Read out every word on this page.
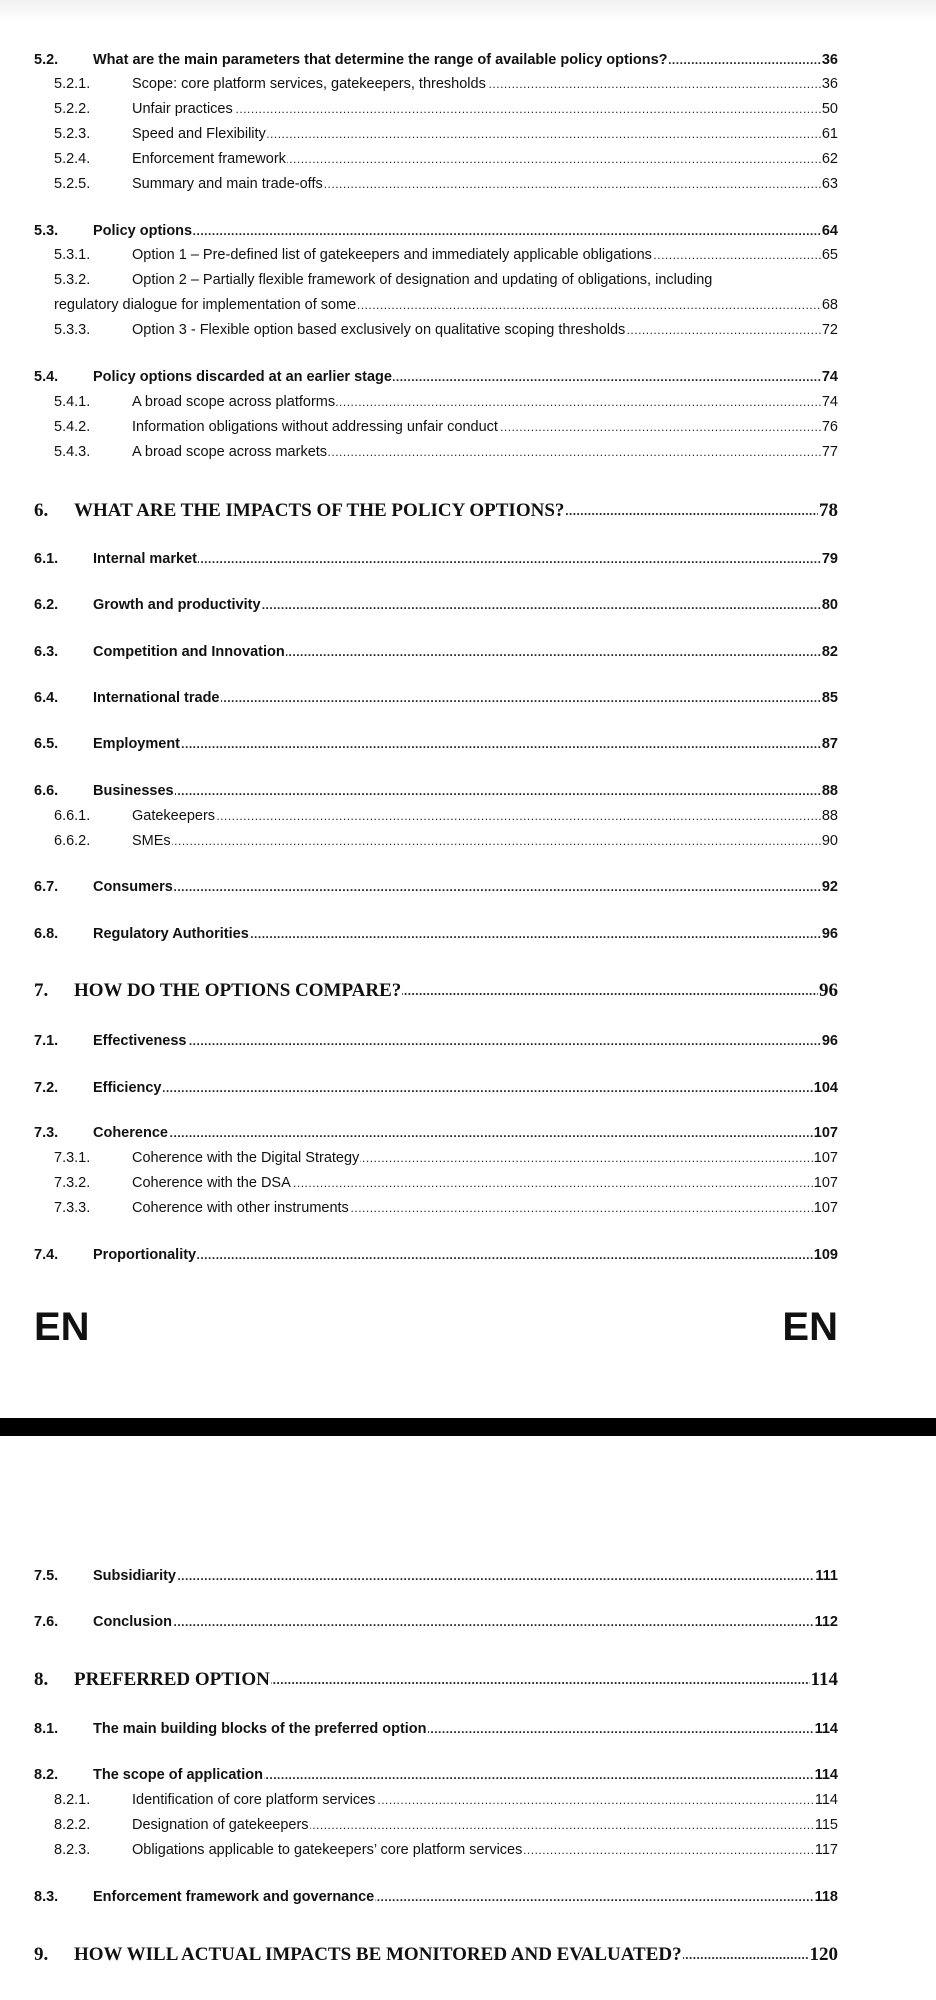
.....
5.2. What are the main parameters that determine the range of available policy options?	36
.....
5.2.1.	Scope: core platform services, gatekeepers, thresholds	36
.....
5.2.2.	Unfair practices	50
.....
5.2.3.	Speed and Flexibility	61
.....
5.2.4.	Enforcement framework	62
.....
5.2.5.	Summary and main trade-offs	63
.....
5.3. Policy options	64
.....
5.3.1.	Option 1 – Pre-defined list of gatekeepers and immediately applicable obligations	65
5.3.2.	Option 2 – Partially flexible framework of designation and updating of obligations, including
.....
regulatory dialogue for implementation of some	68
.....
5.3.3.	Option 3 - Flexible option based exclusively on qualitative scoping thresholds	72
.....
5.4. Policy options discarded at an earlier stage	74
.....
5.4.1.	A broad scope across platforms	74
.....
5.4.2.	Information obligations without addressing unfair conduct	76
.....
5.4.3.	A broad scope across markets	77
.....
6. WHAT ARE THE IMPACTS OF THE POLICY OPTIONS?	78
.....
6.1. Internal market	79
.....
6.2. Growth and productivity	80
.....
6.3. Competition and Innovation	82
.....
6.4. International trade	85
.....
6.5. Employment	87
.....
6.6. Businesses	88
.....
6.6.1.	Gatekeepers	88
.....
6.6.2.	SMEs	90
.....
6.7. Consumers	92
.....
6.8. Regulatory Authorities	96
.....
7. HOW DO THE OPTIONS COMPARE?	96
.....
7.1. Effectiveness	96
.....
7.2. Efficiency	104
.....
7.3. Coherence	107
.....
7.3.1.	Coherence with the Digital Strategy	107
.....
7.3.2.	Coherence with the DSA	107
.....
7.3.3.	Coherence with other instruments	107
.....
7.4. Proportionality	109
EN	EN
.....
7.5. Subsidiarity	111
.....
7.6. Conclusion	112
.....
8. PREFERRED OPTION	114
.....
8.1. The main building blocks of the preferred option	114
.....
8.2. The scope of application	114
.....
8.2.1.	Identification of core platform services	114
.....
8.2.2.	Designation of gatekeepers	115
.....
8.2.3.	Obligations applicable to gatekeepers’ core platform services	117
.....
8.3. Enforcement framework and governance	118
.....
9. HOW WILL ACTUAL IMPACTS BE MONITORED AND EVALUATED?	120
